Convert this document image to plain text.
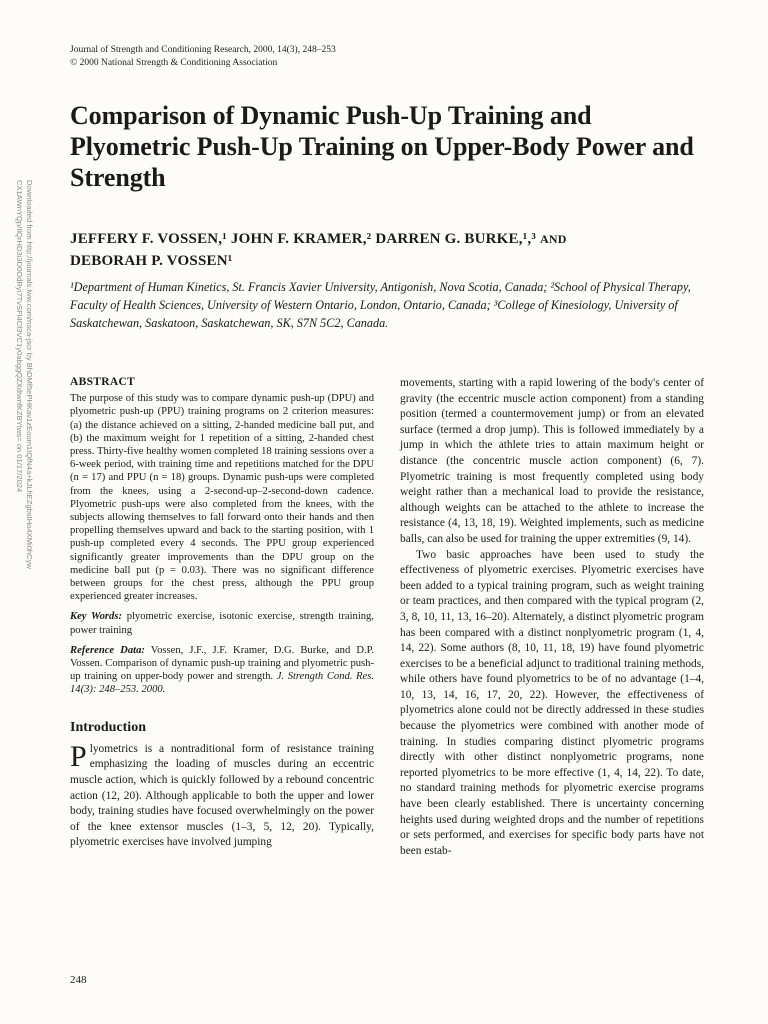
Journal of Strength and Conditioning Research, 2000, 14(3), 248–253
© 2000 National Strength & Conditioning Association
Comparison of Dynamic Push-Up Training and Plyometric Push-Up Training on Upper-Body Power and Strength
JEFFERY F. VOSSEN,¹ JOHN F. KRAMER,² DARREN G. BURKE,¹,³ AND
DEBORAH P. VOSSEN¹
¹Department of Human Kinetics, St. Francis Xavier University, Antigonish, Nova Scotia, Canada; ²School of Physical Therapy, Faculty of Health Sciences, University of Western Ontario, London, Ontario, Canada; ³College of Kinesiology, University of Saskatchewan, Saskatoon, Saskatchewan, SK, S7N 5C2, Canada.
Downloaded from http://journals.lww.com/nsca-jscr by BhDMf5ePHKav1zEoum1tQfN4a+kJLhEZgbsIHo4XMi0hCyw CX1AWnYQp/IlQrHD3i3D0OdRyi7TvSFl4Cf3VC1y0abggQZXdtwnfKZBYtws= on 01/17/2024	ABSTRACT

The purpose of this study was to compare dynamic push-up (DPU) and plyometric push-up (PPU) training programs on 2 criterion measures: (a) the distance achieved on a sitting, 2-handed medicine ball put, and (b) the maximum weight for 1 repetition of a sitting, 2-handed chest press. Thirty-five healthy women completed 18 training sessions over a 6-week period, with training time and repetitions matched for the DPU (n = 17) and PPU (n = 18) groups. Dynamic push-ups were completed from the knees, using a 2-second-up–2-second-down cadence. Plyometric push-ups were also completed from the knees, with the subjects allowing themselves to fall forward onto their hands and then propelling themselves upward and back to the starting position, with 1 push-up completed every 4 seconds. The PPU group experienced significantly greater improvements than the DPU group on the medicine ball put (p = 0.03). There was no significant difference between groups for the chest press, although the PPU group experienced greater increases.

Key Words: plyometric exercise, isotonic exercise, strength training, power training

Reference Data: Vossen, J.F., J.F. Kramer, D.G. Burke, and D.P. Vossen. Comparison of dynamic push-up training and plyometric push-up training on upper-body power and strength. J. Strength Cond. Res. 14(3): 248–253. 2000.

Introduction

Plyometrics is a nontraditional form of resistance training emphasizing the loading of muscles during an eccentric muscle action, which is quickly followed by a rebound concentric action (12, 20). Although applicable to both the upper and lower body, training studies have focused overwhelmingly on the power of the knee extensor muscles (1–3, 5, 12, 20). Typically, plyometric exercises have involved jumping

movements, starting with a rapid lowering of the body's center of gravity (the eccentric muscle action component) from a standing position (termed a countermovement jump) or from an elevated surface (termed a drop jump). This is followed immediately by a jump in which the athlete tries to attain maximum height or distance (the concentric muscle action component) (6, 7). Plyometric training is most frequently completed using body weight rather than a mechanical load to provide the resistance, although weights can be attached to the athlete to increase the resistance (4, 13, 18, 19). Weighted implements, such as medicine balls, can also be used for training the upper extremities (9, 14).

Two basic approaches have been used to study the effectiveness of plyometric exercises. Plyometric exercises have been added to a typical training program, such as weight training or team practices, and then compared with the typical program (2, 3, 8, 10, 11, 13, 16–20). Alternately, a distinct plyometric program has been compared with a distinct nonplyometric program (1, 4, 14, 22). Some authors (8, 10, 11, 18, 19) have found plyometric exercises to be a beneficial adjunct to traditional training methods, while others have found plyometrics to be of no advantage (1–4, 10, 13, 14, 16, 17, 20, 22). However, the effectiveness of plyometrics alone could not be directly addressed in these studies because the plyometrics were combined with another mode of training. In studies comparing distinct plyometric programs directly with other distinct nonplyometric programs, none reported plyometrics to be more effective (1, 4, 14, 22). To date, no standard training methods for plyometric exercise programs have been clearly established. There is uncertainty concerning heights used during weighted drops and the number of repetitions or sets performed, and exercises for specific body parts have not been estab-

248
